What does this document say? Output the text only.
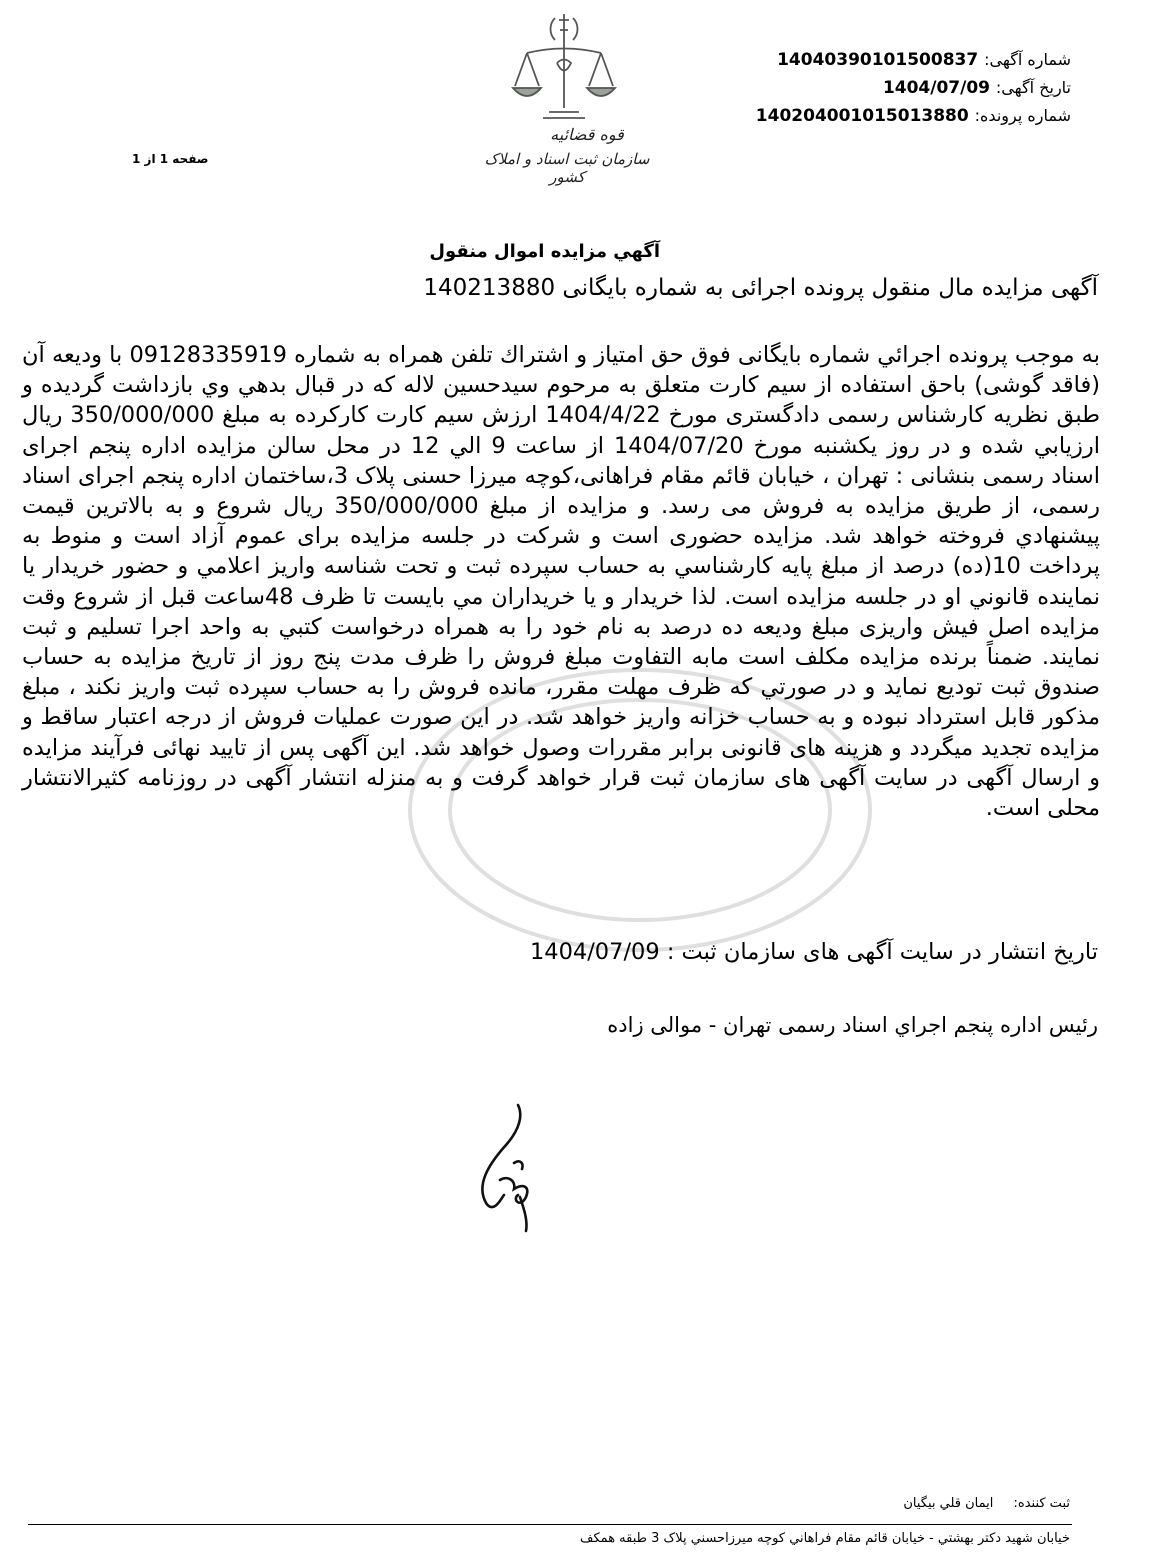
قوه قضائیه
سازمان ثبت اسناد و املاک کشور
شماره آگهی: 14040390101500837
تاریخ آگهی: 1404/07/09
شماره پرونده: 140204001015013880
صفحه 1 از 1
آگهي مزايده اموال منقول
آگهی مزایده مال منقول پرونده اجرائی به شماره بایگانی 140213880

به موجب پرونده اجرائي شماره بایگانی فوق حق امتیاز و اشتراك تلفن همراه به شماره 09128335919 با ودیعه آن (فاقد گوشی) باحق استفاده از سیم کارت متعلق به مرحوم سیدحسین لاله که در قبال بدهي وي بازداشت گرديده و طبق نظريه کارشناس رسمی دادگستری مورخ 1404/4/22 ارزش سیم کارت کارکرده به مبلغ 350/000/000 ريال ارزيابي شده و در روز یکشنبه مورخ 1404/07/20 از ساعت 9 الي 12 در محل سالن مزايده اداره پنجم اجرای اسناد رسمی بنشانی : تهران ، خیابان قائم مقام فراهانی،کوچه میرزا حسنی پلاک 3،ساختمان اداره پنجم اجرای اسناد رسمی، از طریق مزایده به فروش می رسد. و مزايده از مبلغ 350/000/000 ريال شروع و به بالاترين قيمت پيشنهادي فروخته خواهد شد. مزایده حضوری است و شرکت در جلسه مزايده برای عموم آزاد است و منوط به پرداخت 10(ده) درصد از مبلغ پايه كارشناسي به حساب سپرده ثبت و تحت شناسه واريز اعلامي و حضور خريدار يا نماينده قانوني او در جلسه مزايده است. لذا خریدار و یا خريداران مي بايست تا ظرف 48ساعت قبل از شروع وقت مزایده اصل فیش واریزی مبلغ ودیعه ده درصد به نام خود را به همراه درخواست کتبي به واحد اجرا تسلیم و ثبت نمایند. ضمناً برنده مزايده مكلف است مابه التفاوت مبلغ فروش را ظرف مدت پنج روز از تاريخ مزايده به حساب صندوق ثبت توديع نمايد و در صورتي كه ظرف مهلت مقرر، مانده فروش را به حساب سپرده ثبت واريز نكند ، مبلغ مذكور قابل استرداد نبوده و به حساب خزانه واریز خواهد شد. در اين صورت عمليات فروش از درجه اعتبار ساقط و مزايده تجديد ميگردد و هزینه های قانونی برابر مقررات وصول خواهد شد. این آگهی پس از تایید نهائی فرآیند مزایده و ارسال آگهی در سایت آگهی های سازمان ثبت قرار خواهد گرفت و به منزله انتشار آگهی در روزنامه کثیرالانتشار محلی است.

تاريخ انتشار در سايت آگهی های سازمان ثبت : 1404/07/09
رئيس اداره پنجم اجراي اسناد رسمی تهران - موالی زاده
ثبت کننده: ايمان قلي بيگيان
خيابان شهيد دكتر بهشتي - خيابان قائم مقام فراهاني كوچه ميرزاحسني پلاک 3 طبقه همكف
